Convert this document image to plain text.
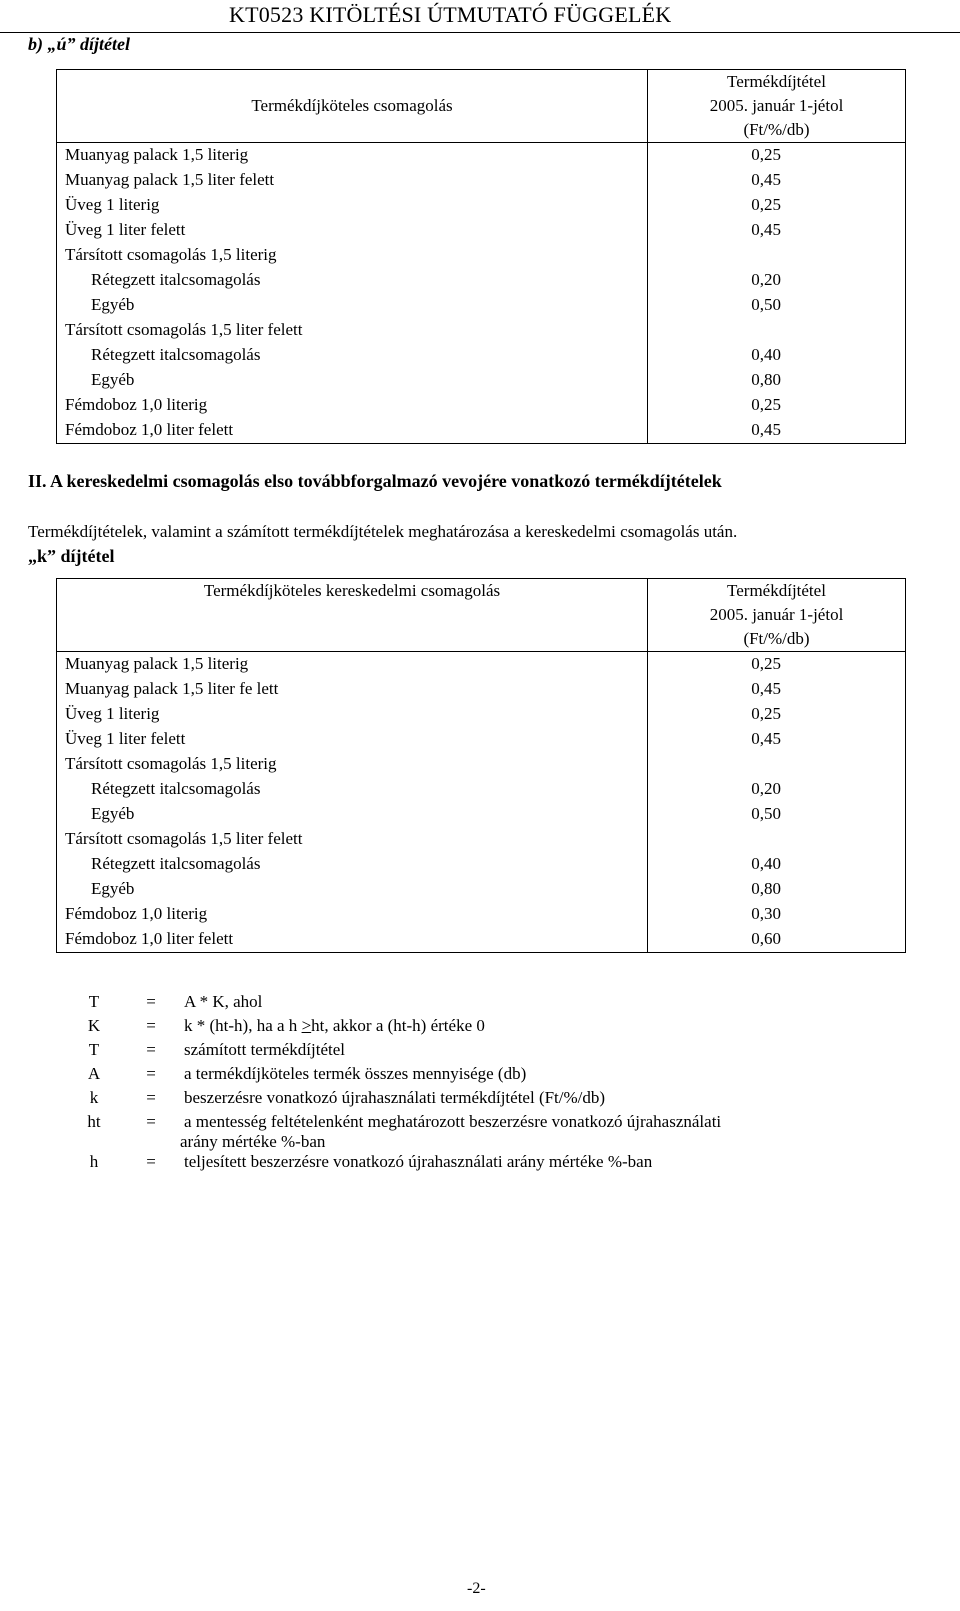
KT0523 KITÖLTÉSI ÚTMUTATÓ FÜGGELÉK
b) „ú” díjtétel
Termékdíjköteles csomagolás	Termékdíjtétel
2005. január 1-jétol
(Ft/%/db)

Muanyag palack 1,5 literig	0,25
Muanyag palack 1,5 liter felett	0,45
Üveg 1 literig	0,25
Üveg 1 liter felett	0,45
Társított csomagolás 1,5 literig	
Rétegzett italcsomagolás	0,20
Egyéb	0,50
Társított csomagolás 1,5 liter felett	
Rétegzett italcsomagolás	0,40
Egyéb	0,80
Fémdoboz 1,0 literig	0,25
Fémdoboz 1,0 liter felett	0,45
II. A kereskedelmi csomagolás elso továbbforgalmazó vevojére vonatkozó termékdíjtételek
Termékdíjtételek, valamint a számított termékdíjtételek meghatározása a kereskedelmi csomagolás után.
„k” díjtétel
Termékdíjköteles kereskedelmi csomagolás	Termékdíjtétel
2005. január 1-jétol
(Ft/%/db)

Muanyag palack 1,5 literig	0,25
Muanyag palack 1,5 liter fe lett	0,45
Üveg 1 literig	0,25
Üveg 1 liter felett	0,45
Társított csomagolás 1,5 literig	
Rétegzett italcsomagolás	0,20
Egyéb	0,50
Társított csomagolás 1,5 liter felett	
Rétegzett italcsomagolás	0,40
Egyéb	0,80
Fémdoboz 1,0 literig	0,30
Fémdoboz 1,0 liter felett	0,60
T	=	A * K, ahol
K	=	k * (ht-h), ha a h >ht, akkor a (ht-h) értéke 0
T	=	számított termékdíjtétel
A	=	a termékdíjköteles termék összes mennyisége (db)
k	=	beszerzésre vonatkozó újrahasználati termékdíjtétel (Ft/%/db)
ht	=	a mentesség feltételenként meghatározott beszerzésre vonatkozó újrahasználati
arány mértéke %-ban

h	=	teljesített beszerzésre vonatkozó újrahasználati arány mértéke %-ban
-2-
